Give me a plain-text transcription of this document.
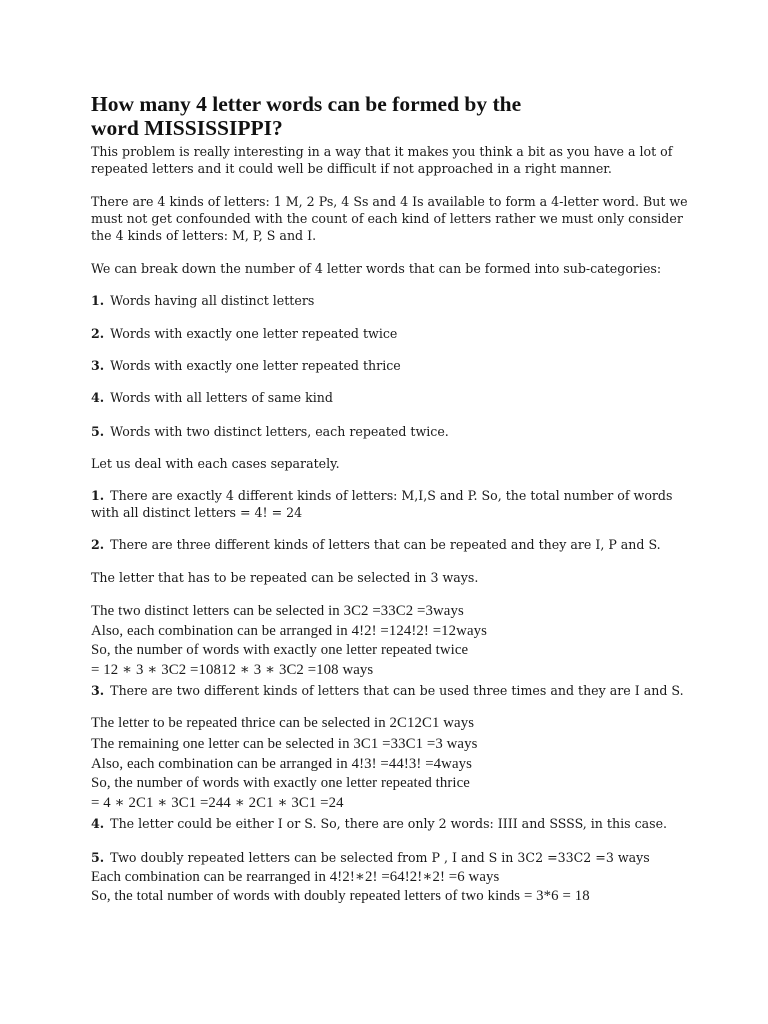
How many 4 letter words can be formed by the
word MISSISSIPPI?
This problem is really interesting in a way that it makes you think a bit as you have a lot of
repeated letters and it could well be difficult if not approached in a right manner.
There are 4 kinds of letters: 1 M, 2 Ps, 4 Ss and 4 Is available to form a 4-letter word. But we
must not get confounded with the count of each kind of letters rather we must only consider
the 4 kinds of letters: M, P, S and I.
We can break down the number of 4 letter words that can be formed into sub-categories:
1. Words having all distinct letters
2. Words with exactly one letter repeated twice
3. Words with exactly one letter repeated thrice
4. Words with all letters of same kind
5. Words with two distinct letters, each repeated twice.
Let us deal with each cases separately.
1. There are exactly 4 different kinds of letters: M,I,S and P. So, the total number of words
with all distinct letters = 4! = 24
2. There are three different kinds of letters that can be repeated and they are I, P and S.
The letter that has to be repeated can be selected in 3 ways.
The two distinct letters can be selected in 3C2 =33C2 =3ways
Also, each combination can be arranged in 4!2! =124!2! =12ways
So, the number of words with exactly one letter repeated twice
= 12 ∗ 3 ∗ 3C2 =10812 ∗ 3 ∗ 3C2 =108 ways
3. There are two different kinds of letters that can be used three times and they are I and S.
The letter to be repeated thrice can be selected in 2C12C1 ways
The remaining one letter can be selected in 3C1 =33C1 =3 ways
Also, each combination can be arranged in 4!3! =44!3! =4ways
So, the number of words with exactly one letter repeated thrice
= 4 ∗ 2C1 ∗ 3C1 =244 ∗ 2C1 ∗ 3C1 =24
4. The letter could be either I or S. So, there are only 2 words: IIII and SSSS, in this case.
5. Two doubly repeated letters can be selected from P , I and S in 3C2 =33C2 =3 ways
Each combination can be rearranged in 4!2!∗2! =64!2!∗2! =6 ways
So, the total number of words with doubly repeated letters of two kinds = 3*6 = 18
